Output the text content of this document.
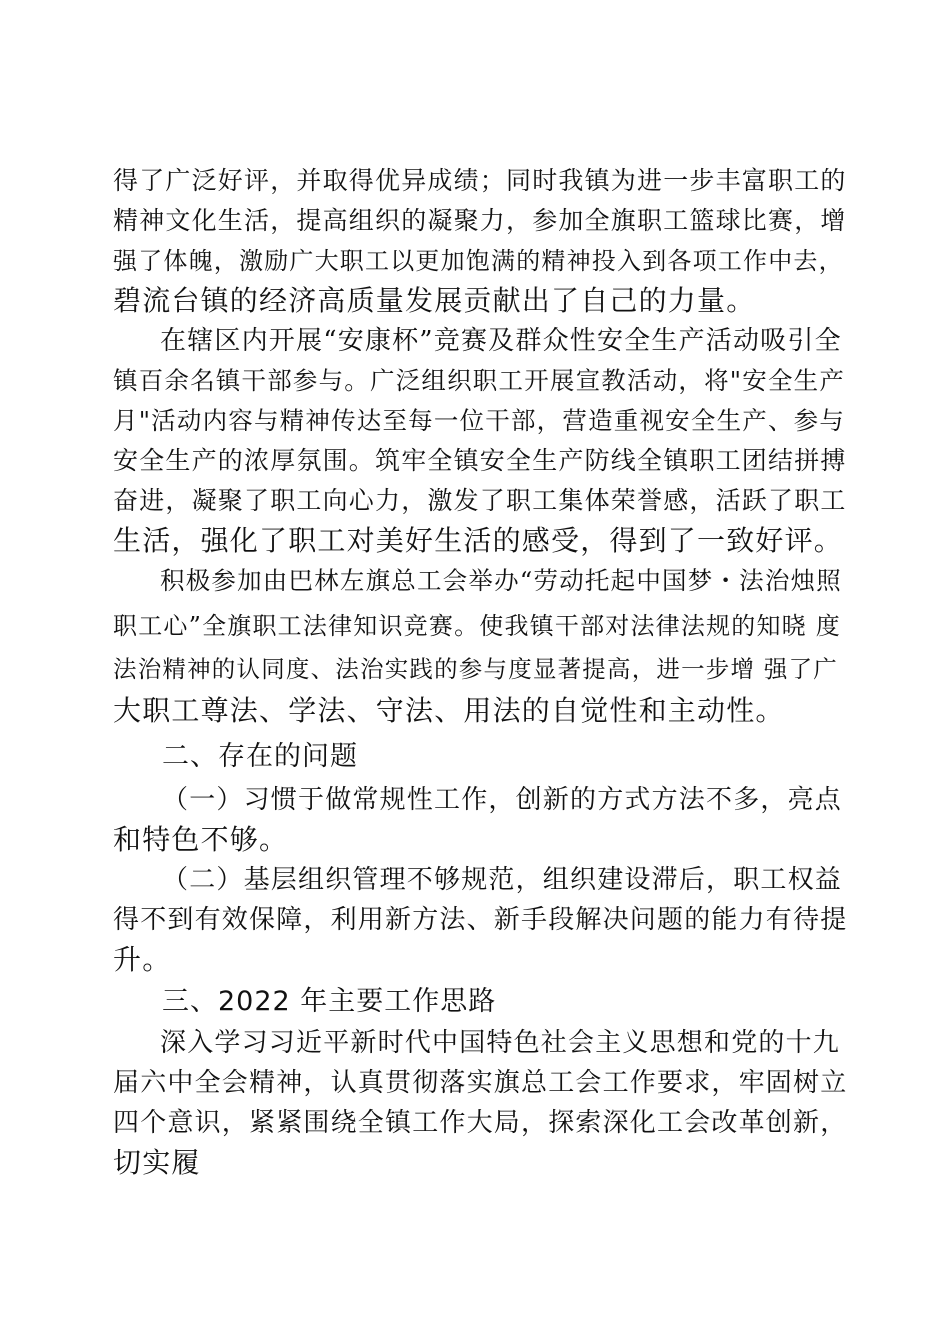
得了广泛好评，并取得优异成绩；同时我镇为进一步丰富职工的
精神文化生活，提高组织的凝聚力，参加全旗职工篮球比赛，增
强了体魄，激励广大职工以更加饱满的精神投入到各项工作中去，
碧流台镇的经济高质量发展贡献出了自己的力量。
在辖区内开展“安康杯”竞赛及群众性安全生产活动吸引全
镇百余名镇干部参与。广泛组织职工开展宣教活动，将"安全生产
月"活动内容与精神传达至每一位干部，营造重视安全生产、参与
安全生产的浓厚氛围。筑牢全镇安全生产防线全镇职工团结拼搏
奋进，凝聚了职工向心力，激发了职工集体荣誉感，活跃了职工
生活，强化了职工对美好生活的感受，得到了一致好评。
积极参加由巴林左旗总工会举办“劳动托起中国梦・法治烛照
职工心”全旗职工法律知识竞赛。使我镇干部对法律法规的知晓 度
法治精神的认同度、法治实践的参与度显著提高，进一步增 强了广
大职工尊法、学法、守法、用法的自觉性和主动性。
二、存在的问题
（一）习惯于做常规性工作，创新的方式方法不多，亮点
和特色不够。
（二）基层组织管理不够规范，组织建设滞后，职工权益
得不到有效保障，利用新方法、新手段解决问题的能力有待提
升。
三、2022 年主要工作思路
深入学习习近平新时代中国特色社会主义思想和党的十九
届六中全会精神，认真贯彻落实旗总工会工作要求，牢固树立
四个意识，紧紧围绕全镇工作大局，探索深化工会改革创新，
切实履
